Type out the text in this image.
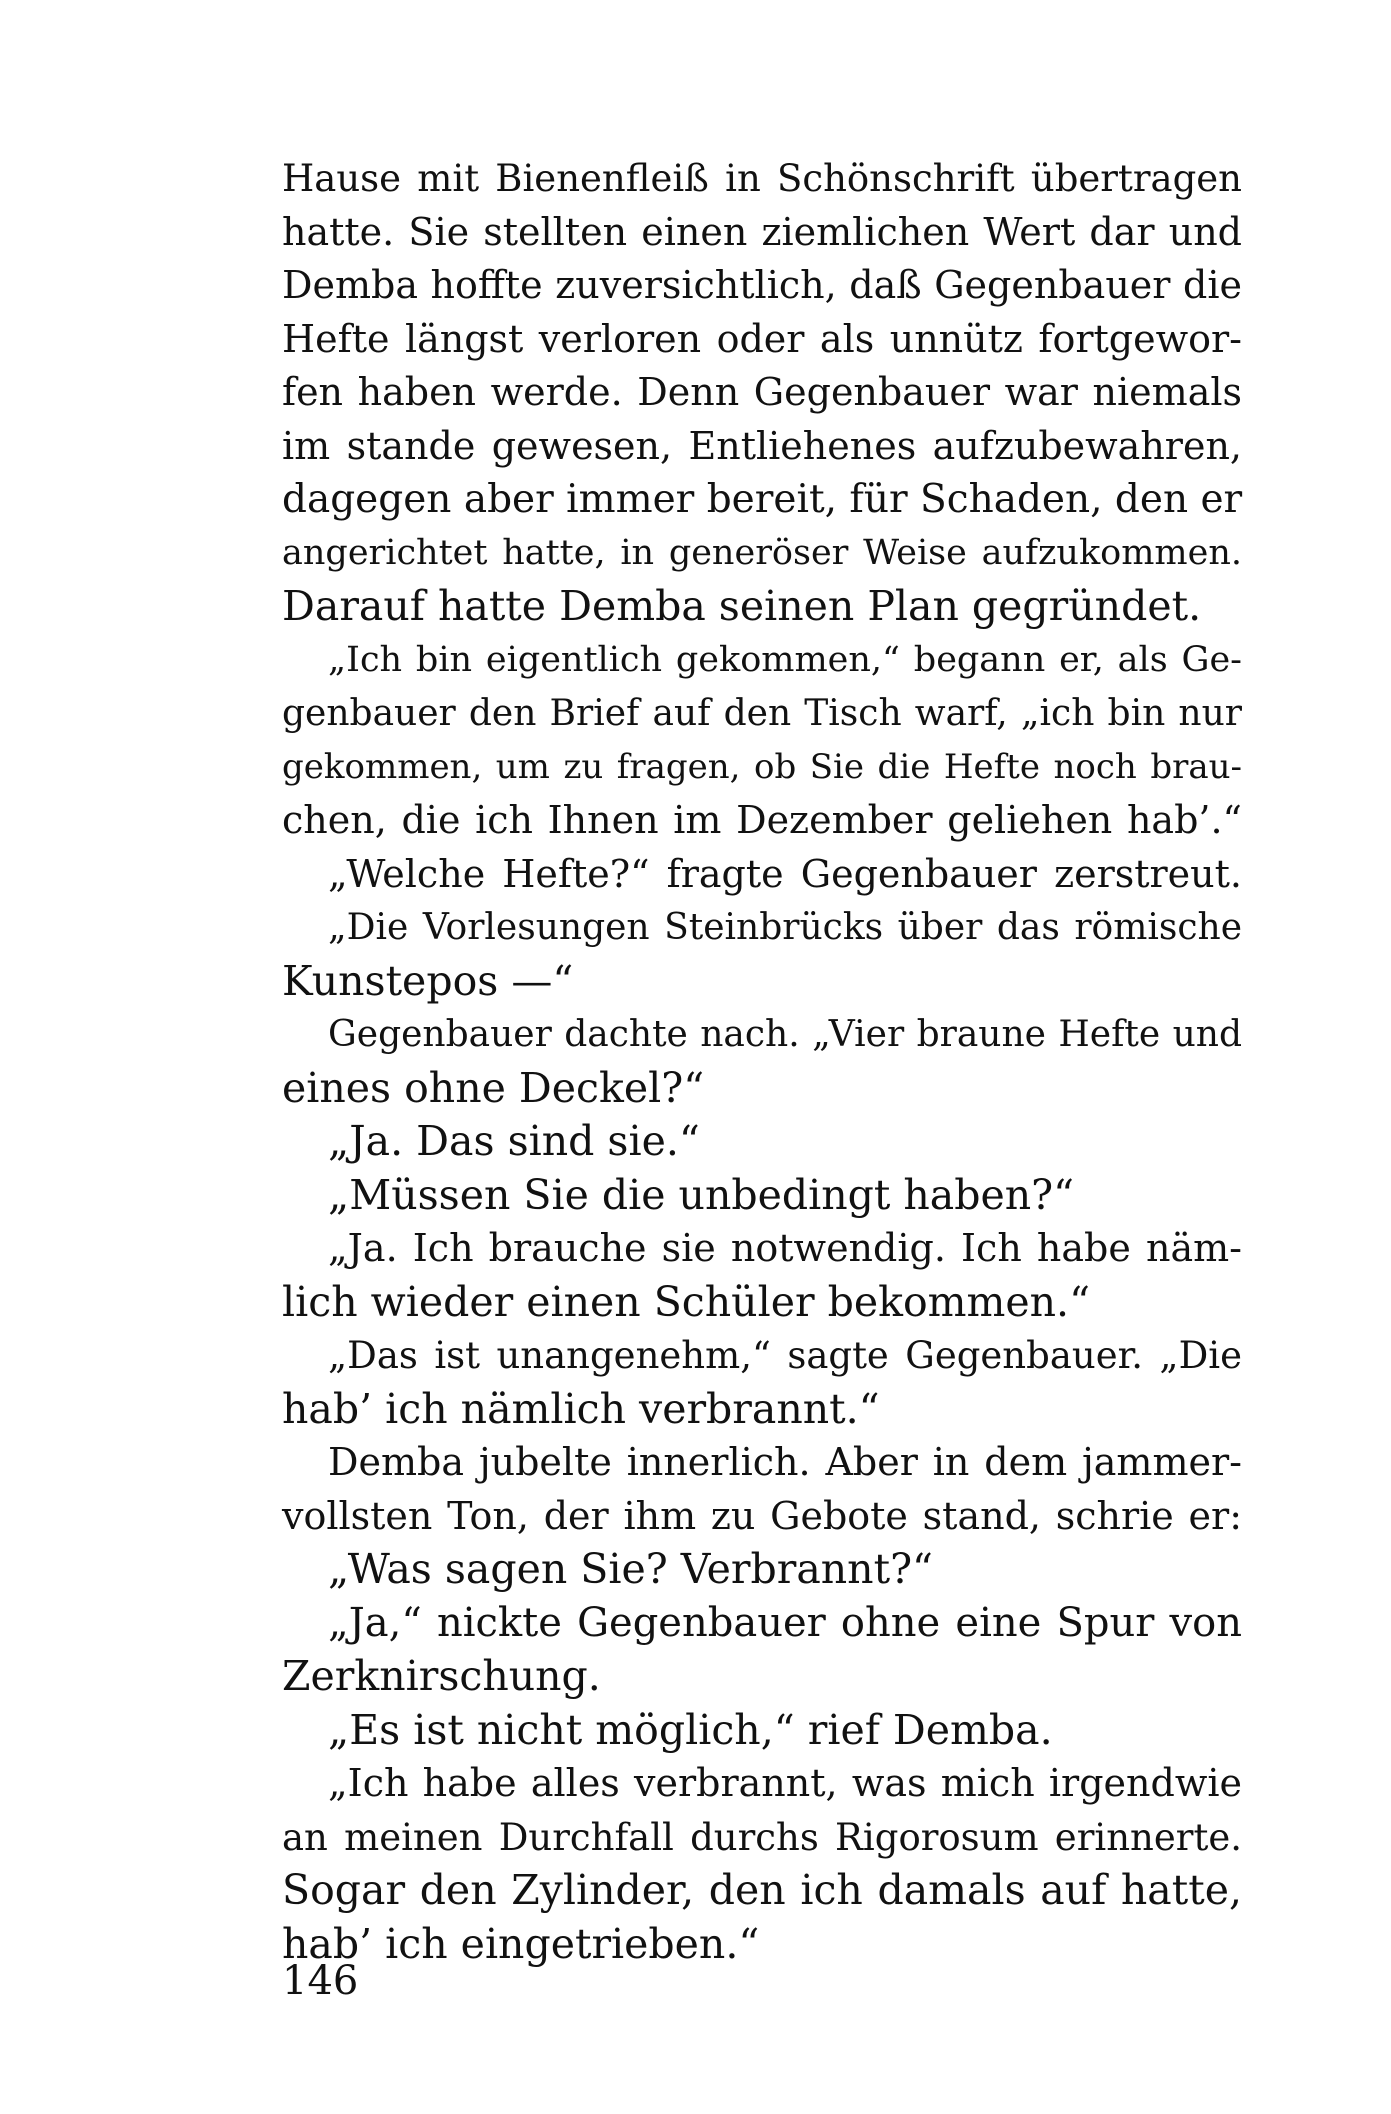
Hause mit Bienenfleiß in Schönschrift übertragen
hatte. Sie stellten einen ziemlichen Wert dar und
Demba hoffte zuversichtlich, daß Gegenbauer die
Hefte längst verloren oder als unnütz fortgewor-
fen haben werde. Denn Gegenbauer war niemals
im stande gewesen, Entliehenes aufzubewahren,
dagegen aber immer bereit, für Schaden, den er
angerichtet hatte, in generöser Weise aufzukommen.
Darauf hatte Demba seinen Plan gegründet.
„Ich bin eigentlich gekommen,“ begann er, als Ge-
genbauer den Brief auf den Tisch warf, „ich bin nur
gekommen, um zu fragen, ob Sie die Hefte noch brau-
chen, die ich Ihnen im Dezember geliehen hab’.“
„Welche Hefte?“ fragte Gegenbauer zerstreut.
„Die Vorlesungen Steinbrücks über das römische
Kunstepos —“
Gegenbauer dachte nach. „Vier braune Hefte und
eines ohne Deckel?“
„Ja. Das sind sie.“
„Müssen Sie die unbedingt haben?“
„Ja. Ich brauche sie notwendig. Ich habe näm-
lich wieder einen Schüler bekommen.“
„Das ist unangenehm,“ sagte Gegenbauer. „Die
hab’ ich nämlich verbrannt.“
Demba jubelte innerlich. Aber in dem jammer-
vollsten Ton, der ihm zu Gebote stand, schrie er:
„Was sagen Sie? Verbrannt?“
„Ja,“ nickte Gegenbauer ohne eine Spur von
Zerknirschung.
„Es ist nicht möglich,“ rief Demba.
„Ich habe alles verbrannt, was mich irgendwie
an meinen Durchfall durchs Rigorosum erinnerte.
Sogar den Zylinder, den ich damals auf hatte,
hab’ ich eingetrieben.“
146
